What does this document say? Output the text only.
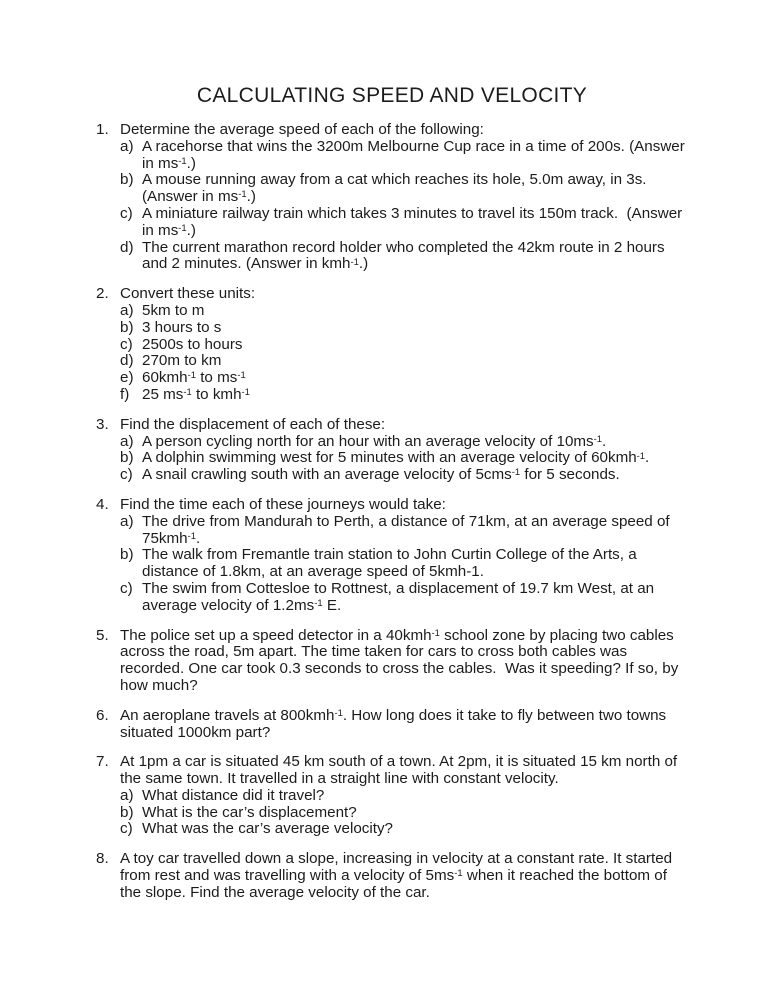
CALCULATING SPEED AND VELOCITY
1. Determine the average speed of each of the following:
a) A racehorse that wins the 3200m Melbourne Cup race in a time of 200s. (Answer in $ms^{-1}$.)
b) A mouse running away from a cat which reaches its hole, 5.0m away, in 3s. (Answer in $ms^{-1}$.)
c) A miniature railway train which takes 3 minutes to travel its 150m track.  (Answer in $ms^{-1}$.)
d) The current marathon record holder who completed the 42km route in 2 hours and 2 minutes. (Answer in kmh$^{-1}$.)
2. Convert these units:
a) 5km to m
b) 3 hours to s
c) 2500s to hours
d) 270m to km
e) 60kmh$^{-1}$ to $ms^{-1}$
f) 25 $ms^{-1}$ to kmh$^{-1}$
3. Find the displacement of each of these:
a) A person cycling north for an hour with an average velocity of $10ms^{-1}$.
b) A dolphin swimming west for 5 minutes with an average velocity of 60kmh$^{-1}$.
c) A snail crawling south with an average velocity of 5cms$^{-1}$ for 5 seconds.
4. Find the time each of these journeys would take:
a) The drive from Mandurah to Perth, a distance of 71km, at an average speed of 75kmh$^{-1}$.
b) The walk from Fremantle train station to John Curtin College of the Arts, a distance of 1.8km, at an average speed of 5kmh-1.
c) The swim from Cottesloe to Rottnest, a displacement of 19.7 km West, at an average velocity of $1.2ms^{-1}$ E.
5. The police set up a speed detector in a 40kmh$^{-1}$ school zone by placing two cables across the road, 5m apart. The time taken for cars to cross both cables was recorded. One car took 0.3 seconds to cross the cables.  Was it speeding? If so, by how much?
6. An aeroplane travels at 800kmh$^{-1}$. How long does it take to fly between two towns situated 1000km part?
7. At 1pm a car is situated 45 km south of a town. At 2pm, it is situated 15 km north of the same town. It travelled in a straight line with constant velocity.
a) What distance did it travel?
b) What is the car’s displacement?
c) What was the car’s average velocity?
8. A toy car travelled down a slope, increasing in velocity at a constant rate. It started from rest and was travelling with a velocity of $5ms^{-1}$ when it reached the bottom of the slope. Find the average velocity of the car.
